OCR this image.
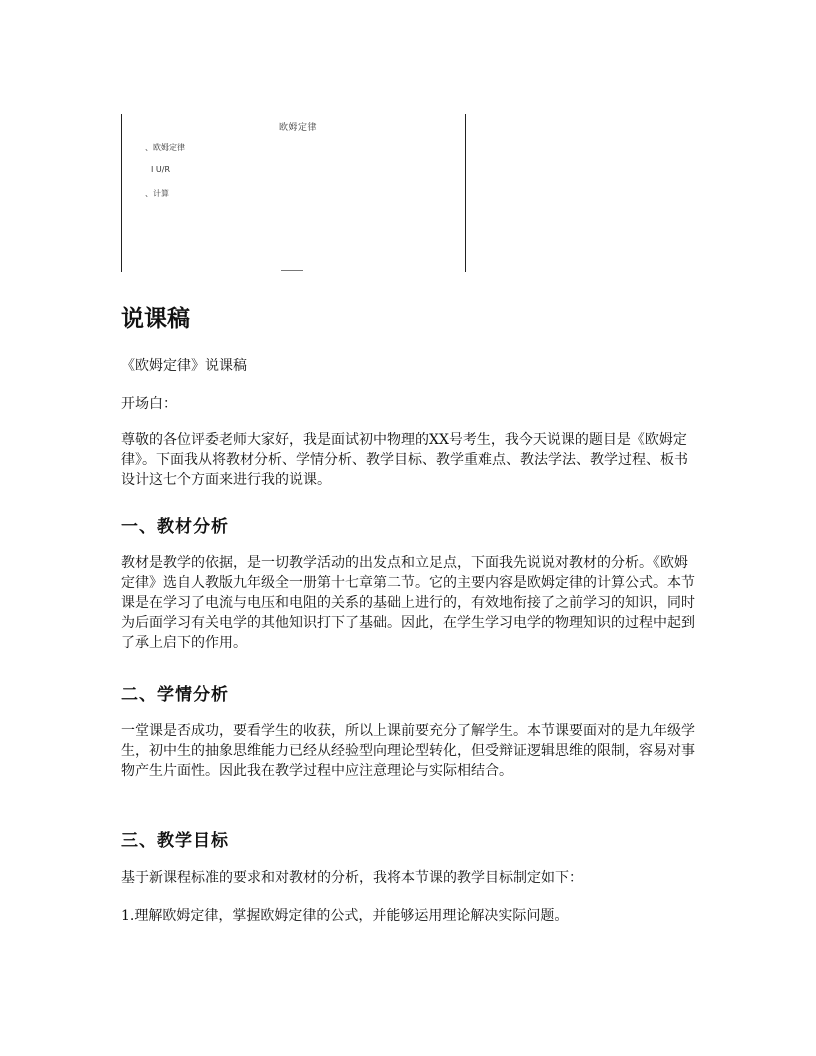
欧姆定律
、欧姆定律
I U/R
、计算
说课稿
《欧姆定律》说课稿
开场白：
尊敬的各位评委老师大家好，我是面试初中物理的XX号考生，我今天说课的题目是《欧姆定律》。下面我从将教材分析、学情分析、教学目标、教学重难点、教法学法、教学过程、板书设计这七个方面来进行我的说课。
一、教材分析
教材是教学的依据，是一切教学活动的出发点和立足点，下面我先说说对教材的分析。《欧姆定律》选自人教版九年级全一册第十七章第二节。它的主要内容是欧姆定律的计算公式。本节课是在学习了电流与电压和电阻的关系的基础上进行的，有效地衔接了之前学习的知识，同时为后面学习有关电学的其他知识打下了基础。因此，在学生学习电学的物理知识的过程中起到了承上启下的作用。
二、学情分析
一堂课是否成功，要看学生的收获，所以上课前要充分了解学生。本节课要面对的是九年级学生，初中生的抽象思维能力已经从经验型向理论型转化，但受辩证逻辑思维的限制，容易对事物产生片面性。因此我在教学过程中应注意理论与实际相结合。
三、教学目标
基于新课程标准的要求和对教材的分析，我将本节课的教学目标制定如下：
1.理解欧姆定律，掌握欧姆定律的公式，并能够运用理论解决实际问题。
